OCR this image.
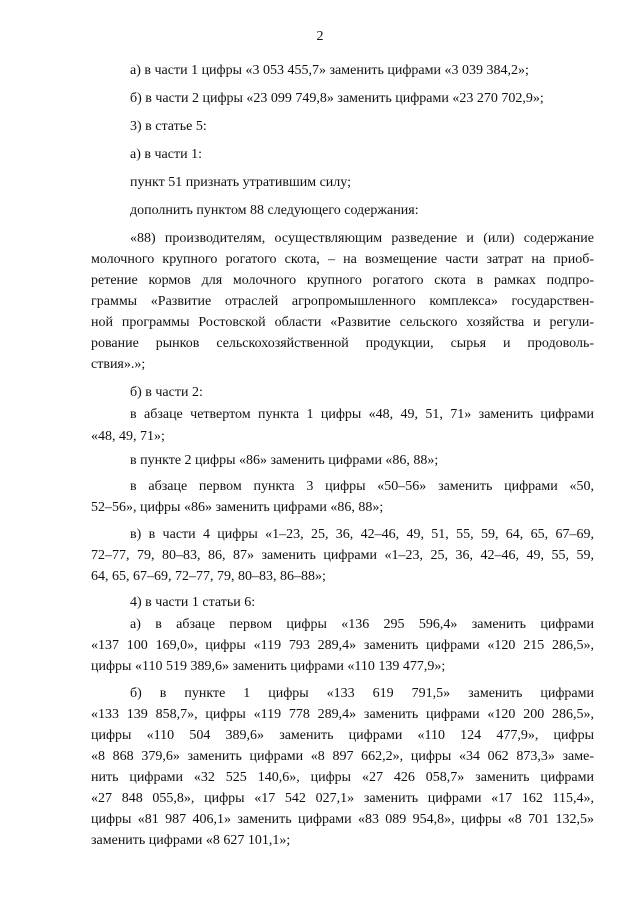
2
а) в части 1 цифры «3 053 455,7» заменить цифрами «3 039 384,2»;
б) в части 2 цифры «23 099 749,8» заменить цифрами «23 270 702,9»;
3) в статье 5:
а) в части 1:
пункт 51 признать утратившим силу;
дополнить пунктом 88 следующего содержания:
«88) производителям, осуществляющим разведение и (или) содержание
молочного крупного рогатого скота, – на возмещение части затрат на приоб-
ретение кормов для молочного крупного рогатого скота в рамках подпро-
граммы «Развитие отраслей агропромышленного комплекса» государствен-
ной программы Ростовской области «Развитие сельского хозяйства и регули-
рование рынков сельскохозяйственной продукции, сырья и продоволь-
ствия».»;
б) в части 2:
в абзаце четвертом пункта 1 цифры «48, 49, 51, 71» заменить цифрами
«48, 49, 71»;
в пункте 2 цифры «86» заменить цифрами «86, 88»;
в абзаце первом пункта 3 цифры «50–56» заменить цифрами «50,
52–56», цифры «86» заменить цифрами «86, 88»;
в) в части 4 цифры «1–23, 25, 36, 42–46, 49, 51, 55, 59, 64, 65, 67–69,
72–77, 79, 80–83, 86, 87» заменить цифрами «1–23, 25, 36, 42–46, 49, 55, 59,
64, 65, 67–69, 72–77, 79, 80–83, 86–88»;
4) в части 1 статьи 6:
а) в абзаце первом цифры «136 295 596,4» заменить цифрами
«137 100 169,0», цифры «119 793 289,4» заменить цифрами «120 215 286,5»,
цифры «110 519 389,6» заменить цифрами «110 139 477,9»;
б) в пункте 1 цифры «133 619 791,5» заменить цифрами
«133 139 858,7», цифры «119 778 289,4» заменить цифрами «120 200 286,5»,
цифры «110 504 389,6» заменить цифрами «110 124 477,9», цифры
«8 868 379,6» заменить цифрами «8 897 662,2», цифры «34 062 873,3» заме-
нить цифрами «32 525 140,6», цифры «27 426 058,7» заменить цифрами
«27 848 055,8», цифры «17 542 027,1» заменить цифрами «17 162 115,4»,
цифры «81 987 406,1» заменить цифрами «83 089 954,8», цифры «8 701 132,5»
заменить цифрами «8 627 101,1»;
